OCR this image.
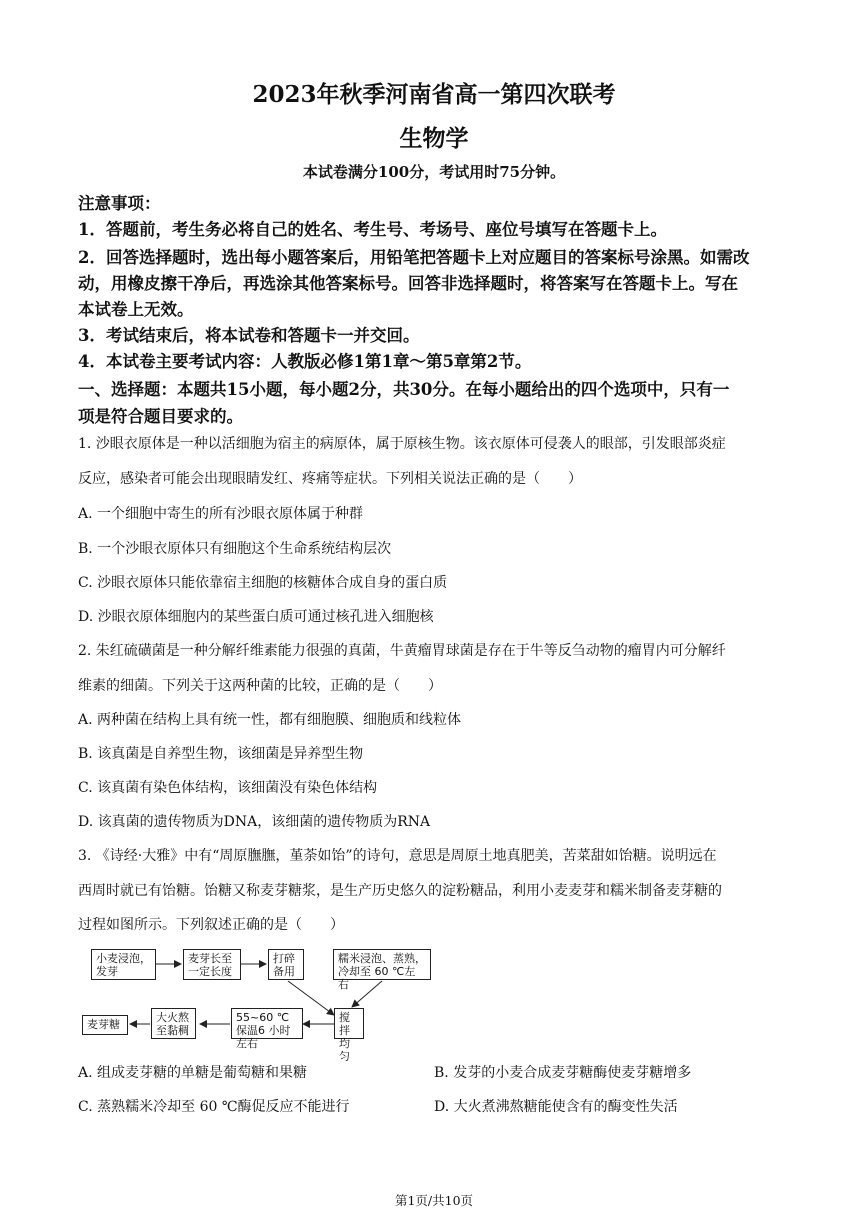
2023年秋季河南省高一第四次联考
生物学
本试卷满分100分，考试用时75分钟。
注意事项：
1．答题前，考生务必将自己的姓名、考生号、考场号、座位号填写在答题卡上。
2．回答选择题时，选出每小题答案后，用铅笔把答题卡上对应题目的答案标号涂黑。如需改
动，用橡皮擦干净后，再选涂其他答案标号。回答非选择题时，将答案写在答题卡上。写在
本试卷上无效。
3．考试结束后，将本试卷和答题卡一并交回。
4．本试卷主要考试内容：人教版必修1第1章～第5章第2节。
一、选择题：本题共15小题，每小题2分，共30分。在每小题给出的四个选项中，只有一
项是符合题目要求的。
1. 沙眼衣原体是一种以活细胞为宿主的病原体，属于原核生物。该衣原体可侵袭人的眼部，引发眼部炎症
反应，感染者可能会出现眼睛发红、疼痛等症状。下列相关说法正确的是（　　）
A. 一个细胞中寄生的所有沙眼衣原体属于种群
B. 一个沙眼衣原体只有细胞这个生命系统结构层次
C. 沙眼衣原体只能依靠宿主细胞的核糖体合成自身的蛋白质
D. 沙眼衣原体细胞内的某些蛋白质可通过核孔进入细胞核
2. 朱红硫磺菌是一种分解纤维素能力很强的真菌，牛黄瘤胃球菌是存在于牛等反刍动物的瘤胃内可分解纤
维素的细菌。下列关于这两种菌的比较，正确的是（　　）
A. 两种菌在结构上具有统一性，都有细胞膜、细胞质和线粒体
B. 该真菌是自养型生物，该细菌是异养型生物
C. 该真菌有染色体结构，该细菌没有染色体结构
D. 该真菌的遗传物质为DNA，该细菌的遗传物质为RNA
3. 《诗经·大雅》中有“周原膴膴，堇荼如饴”的诗句，意思是周原土地真肥美，苦菜甜如饴糖。说明远在
西周时就已有饴糖。饴糖又称麦芽糖浆，是生产历史悠久的淀粉糖品，利用小麦麦芽和糯米制备麦芽糖的
过程如图所示。下列叙述正确的是（　　）
小麦浸泡，发芽
麦芽长至一定长度
打碎备用
糯米浸泡、蒸熟，冷却至 60 ℃左右
搅拌均匀
55~60 ℃保温6 小时左右
大火熬至黏稠
麦芽糖
A. 组成麦芽糖的单糖是葡萄糖和果糖	B. 发芽的小麦合成麦芽糖酶使麦芽糖增多
C. 蒸熟糯米冷却至 60 ℃酶促反应不能进行	D. 大火煮沸熬糖能使含有的酶变性失活
第1页/共10页
